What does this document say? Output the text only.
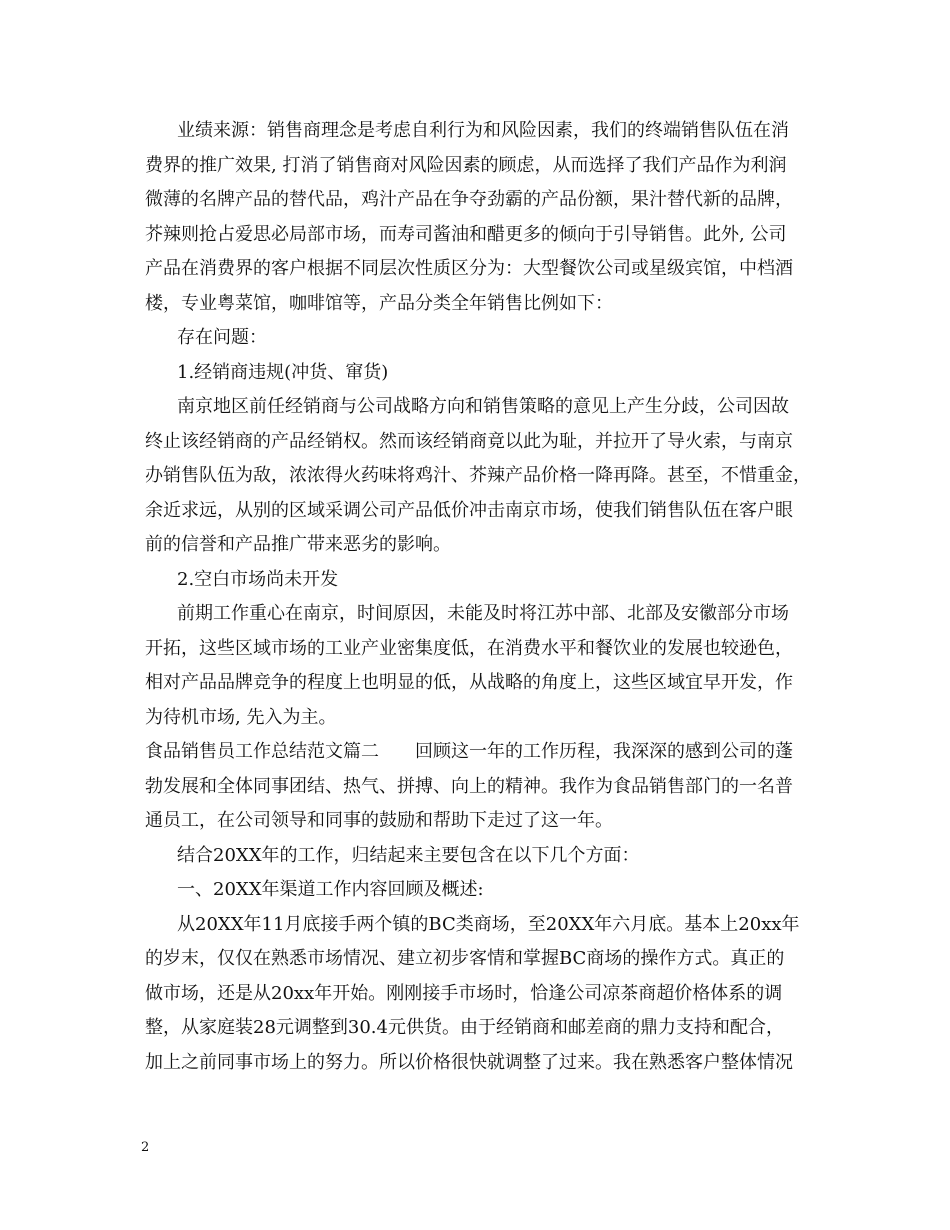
业绩来源：销售商理念是考虑自利行为和风险因素，我们的终端销售队伍在消
费界的推广效果, 打消了销售商对风险因素的顾虑，从而选择了我们产品作为利润
微薄的名牌产品的替代品，鸡汁产品在争夺劲霸的产品份额，果汁替代新的品牌，
芥辣则抢占爱思必局部市场，而寿司酱油和醋更多的倾向于引导销售。此外, 公司
产品在消费界的客户根据不同层次性质区分为：大型餐饮公司或星级宾馆，中档酒
楼，专业粤菜馆，咖啡馆等，产品分类全年销售比例如下：
存在问题：
1.经销商违规(冲货、窜货)
南京地区前任经销商与公司战略方向和销售策略的意见上产生分歧，公司因故
终止该经销商的产品经销权。然而该经销商竟以此为耻，并拉开了导火索，与南京
办销售队伍为敌，浓浓得火药味将鸡汁、芥辣产品价格一降再降。甚至，不惜重金，
余近求远，从别的区域采调公司产品低价冲击南京市场，使我们销售队伍在客户眼
前的信誉和产品推广带来恶劣的影响。
2.空白市场尚未开发
前期工作重心在南京，时间原因，未能及时将江苏中部、北部及安徽部分市场
开拓，这些区域市场的工业产业密集度低，在消费水平和餐饮业的发展也较逊色，
相对产品品牌竞争的程度上也明显的低，从战略的角度上，这些区域宜早开发，作
为待机市场, 先入为主。
食品销售员工作总结范文篇二　　回顾这一年的工作历程，我深深的感到公司的蓬
勃发展和全体同事团结、热气、拼搏、向上的精神。我作为食品销售部门的一名普
通员工，在公司领导和同事的鼓励和帮助下走过了这一年。
结合20XX年的工作，归结起来主要包含在以下几个方面：
一、20XX年渠道工作内容回顾及概述:
从20XX年11月底接手两个镇的BC类商场，至20XX年六月底。基本上20xx年
的岁末，仅仅在熟悉市场情况、建立初步客情和掌握BC商场的操作方式。真正的
做市场，还是从20xx年开始。刚刚接手市场时，恰逢公司凉茶商超价格体系的调
整，从家庭装28元调整到30.4元供货。由于经销商和邮差商的鼎力支持和配合，
加上之前同事市场上的努力。所以价格很快就调整了过来。我在熟悉客户整体情况
2
